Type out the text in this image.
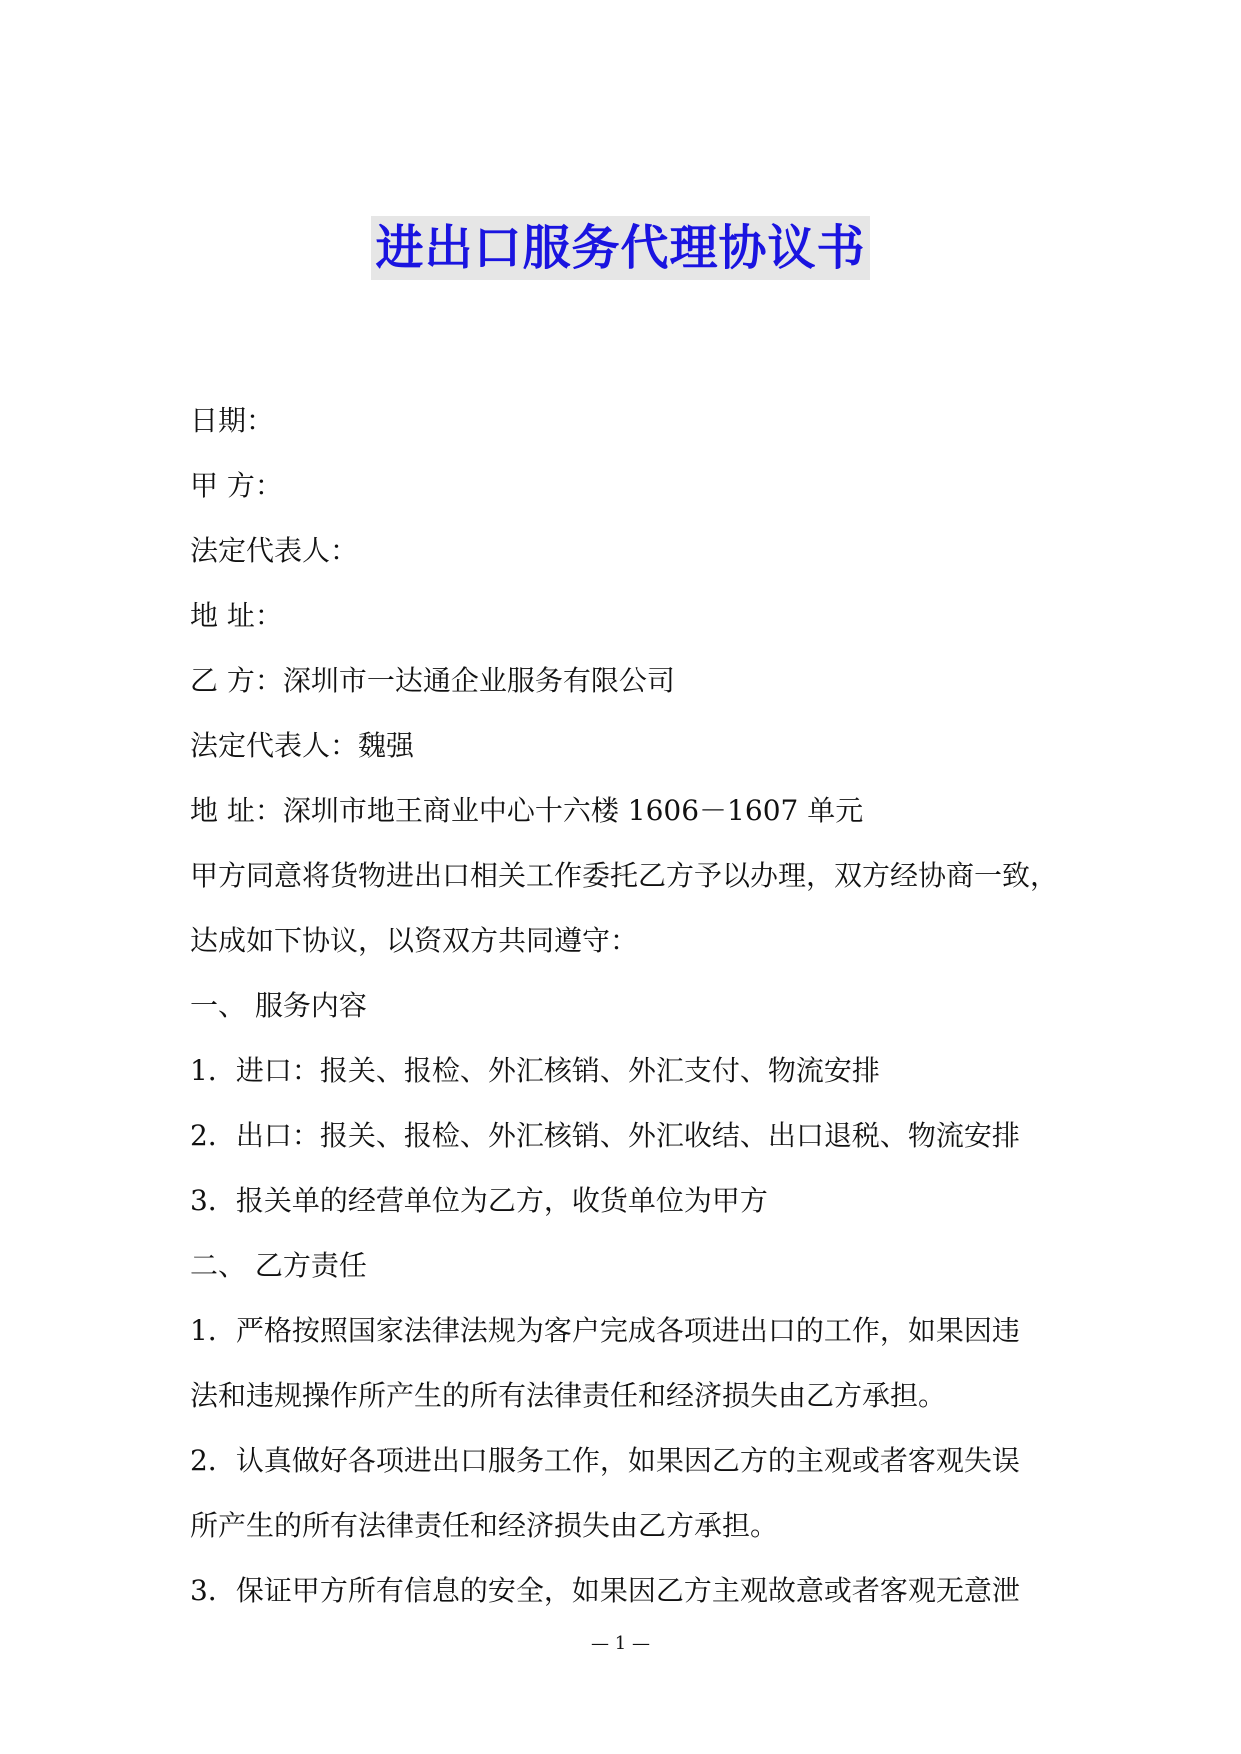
进出口服务代理协议书
日期：
甲 方：
法定代表人：
地 址：
乙 方：深圳市一达通企业服务有限公司
法定代表人：魏强
地 址：深圳市地王商业中心十六楼 1606－1607 单元
甲方同意将货物进出口相关工作委托乙方予以办理，双方经协商一致，
达成如下协议，以资双方共同遵守：
一、 服务内容
1．进口：报关、报检、外汇核销、外汇支付、物流安排
2．出口：报关、报检、外汇核销、外汇收结、出口退税、物流安排
3．报关单的经营单位为乙方，收货单位为甲方
二、 乙方责任
1．严格按照国家法律法规为客户完成各项进出口的工作，如果因违
法和违规操作所产生的所有法律责任和经济损失由乙方承担。
2．认真做好各项进出口服务工作，如果因乙方的主观或者客观失误
所产生的所有法律责任和经济损失由乙方承担。
3．保证甲方所有信息的安全，如果因乙方主观故意或者客观无意泄
— 1 —
